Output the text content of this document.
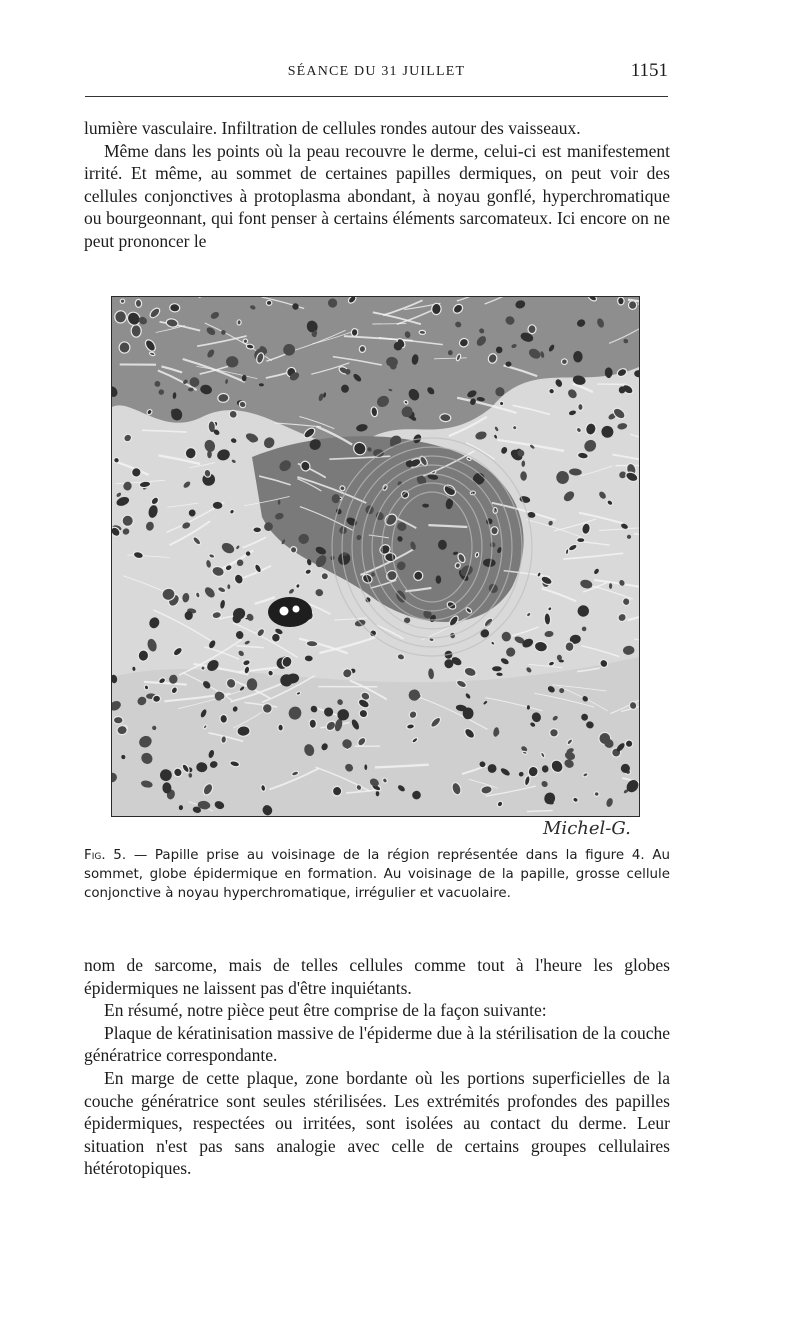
SÉANCE DU 31 JUILLET	1151

lumière vasculaire. Infiltration de cellules rondes autour des vaisseaux.

Même dans les points où la peau recouvre le derme, celui-ci est manifestement irrité. Et même, au sommet de certaines papilles dermiques, on peut voir des cellules conjonctives à protoplasma abondant, à noyau gonflé, hyperchromatique ou bourgeonnant, qui font penser à certains éléments sarcomateux. Ici encore on ne peut prononcer le

Michel-G.
Fig. 5. — Papille prise au voisinage de la région représentée dans la figure 4. Au sommet, globe épidermique en formation. Au voisinage de la papille, grosse cellule conjonctive à noyau hyperchromatique, irrégulier et vacuolaire.

nom de sarcome, mais de telles cellules comme tout à l'heure les globes épidermiques ne laissent pas d'être inquiétants.

En résumé, notre pièce peut être comprise de la façon suivante:

Plaque de kératinisation massive de l'épiderme due à la stérilisation de la couche génératrice correspondante.

En marge de cette plaque, zone bordante où les portions superficielles de la couche génératrice sont seules stérilisées. Les extrémités profondes des papilles épidermiques, respectées ou irritées, sont isolées au contact du derme. Leur situation n'est pas sans analogie avec celle de certains groupes cellulaires hétérotopiques.
